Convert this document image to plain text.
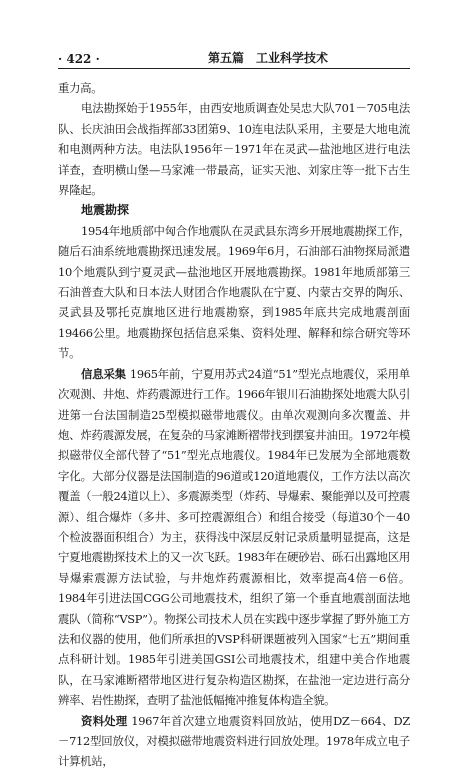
· 422 ·	第五篇　工业科学技术

重力高。

电法勘探始于1955年，由西安地质调查处吴忠大队701－705电法队、长庆油田会战指挥部33团第9、10连电法队采用，主要是大地电流和电测两种方法。电法队1956年－1971年在灵武—盐池地区进行电法详查，查明横山堡—马家滩一带最高，证实天池、刘家庄等一批下古生界隆起。

地震勘探

1954年地质部中匈合作地震队在灵武县东湾乡开展地震勘探工作，随后石油系统地震勘探迅速发展。1969年6月，石油部石油物探局派遣10个地震队到宁夏灵武—盐池地区开展地震勘探。1981年地质部第三石油普查大队和日本法人财团合作地震队在宁夏、内蒙古交界的陶乐、灵武县及鄂托克旗地区进行地震勘察，到1985年底共完成地震剖面19466公里。地震勘探包括信息采集、资料处理、解释和综合研究等环节。

信息采集 1965年前，宁夏用苏式24道“51”型光点地震仪，采用单次观测、井炮、炸药震源进行工作。1966年银川石油勘探处地震大队引进第一台法国制造25型模拟磁带地震仪。由单次观测向多次覆盖、井炮、炸药震源发展，在复杂的马家滩断褶带找到摆宴井油田。1972年模拟磁带仪全部代替了“51”型光点地震仪。1984年已发展为全部地震数字化。大部分仪器是法国制造的96道或120道地震仪，工作方法以高次覆盖（一般24道以上）、多震源类型（炸药、导爆索、聚能弹以及可控震源）、组合爆炸（多井、多可控震源组合）和组合接受（每道30个－40个检波器面积组合）为主，获得浅中深层反射记录质量明显提高，这是宁夏地震勘探技术上的又一次飞跃。1983年在硬砂岩、砾石出露地区用导爆索震源方法试验，与井炮炸药震源相比，效率提高4倍－6倍。1984年引进法国CGG公司地震技术，组织了第一个垂直地震剖面法地震队（简称“VSP”）。物探公司技术人员在实践中逐步掌握了野外施工方法和仪器的使用，他们所承担的VSP科研课题被列入国家“七五”期间重点科研计划。1985年引进美国GSI公司地震技术，组建中美合作地震队，在马家滩断褶带地区进行复杂构造区勘探，在盐池一定边进行高分辨率、岩性勘探，查明了盐池低幅掩冲推复体构造全貌。

资料处理 1967年首次建立地震资料回放站，使用DZ－664、DZ－712型回放仪，对模拟磁带地震资料进行回放处理。1978年成立电子计算机站，
